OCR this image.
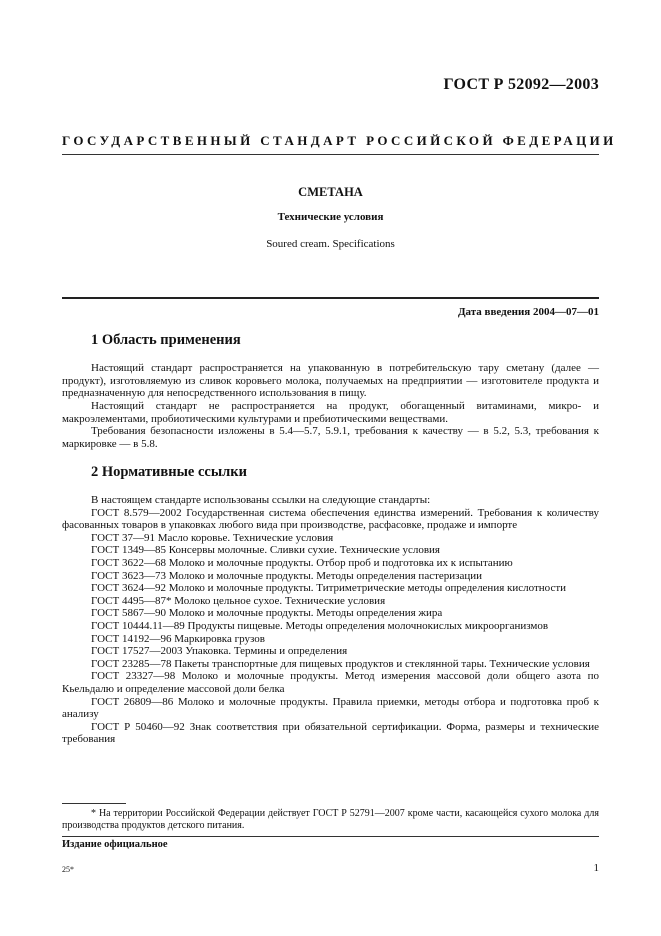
ГОСТ Р 52092—2003
ГОСУДАРСТВЕННЫЙ СТАНДАРТ РОССИЙСКОЙ ФЕДЕРАЦИИ
СМЕТАНА
Технические условия
Soured cream. Specifications
Дата введения 2004—07—01
1 Область применения
Настоящий стандарт распространяется на упакованную в потребительскую тару сметану (далее — продукт), изготовляемую из сливок коровьего молока, получаемых на предприятии — изготовителе продукта и предназначенную для непосредственного использования в пищу.
Настоящий стандарт не распространяется на продукт, обогащенный витаминами, микро- и макроэлементами, пробиотическими культурами и пребиотическими веществами.
Требования безопасности изложены в 5.4—5.7, 5.9.1, требования к качеству — в 5.2, 5.3, требования к маркировке — в 5.8.
2 Нормативные ссылки

В настоящем стандарте использованы ссылки на следующие стандарты:

ГОСТ 8.579—2002 Государственная система обеспечения единства измерений. Требования к количеству фасованных товаров в упаковках любого вида при производстве, расфасовке, продаже и импорте

ГОСТ 37—91 Масло коровье. Технические условия

ГОСТ 1349—85 Консервы молочные. Сливки сухие. Технические условия

ГОСТ 3622—68 Молоко и молочные продукты. Отбор проб и подготовка их к испытанию

ГОСТ 3623—73 Молоко и молочные продукты. Методы определения пастеризации

ГОСТ 3624—92 Молоко и молочные продукты. Титриметрические методы определения кислотности

ГОСТ 4495—87* Молоко цельное сухое. Технические условия

ГОСТ 5867—90 Молоко и молочные продукты. Методы определения жира

ГОСТ 10444.11—89 Продукты пищевые. Методы определения молочнокислых микроорганизмов

ГОСТ 14192—96 Маркировка грузов

ГОСТ 17527—2003 Упаковка. Термины и определения

ГОСТ 23285—78 Пакеты транспортные для пищевых продуктов и стеклянной тары. Технические условия

ГОСТ 23327—98 Молоко и молочные продукты. Метод измерения массовой доли общего азота по Кьельдалю и определение массовой доли белка

ГОСТ 26809—86 Молоко и молочные продукты. Правила приемки, методы отбора и подготовка проб к анализу

ГОСТ Р 50460—92 Знак соответствия при обязательной сертификации. Форма, размеры и технические требования

* На территории Российской Федерации действует ГОСТ Р 52791—2007 кроме части, касающейся сухого молока для производства продуктов детского питания.
Издание официальное
25*	1
